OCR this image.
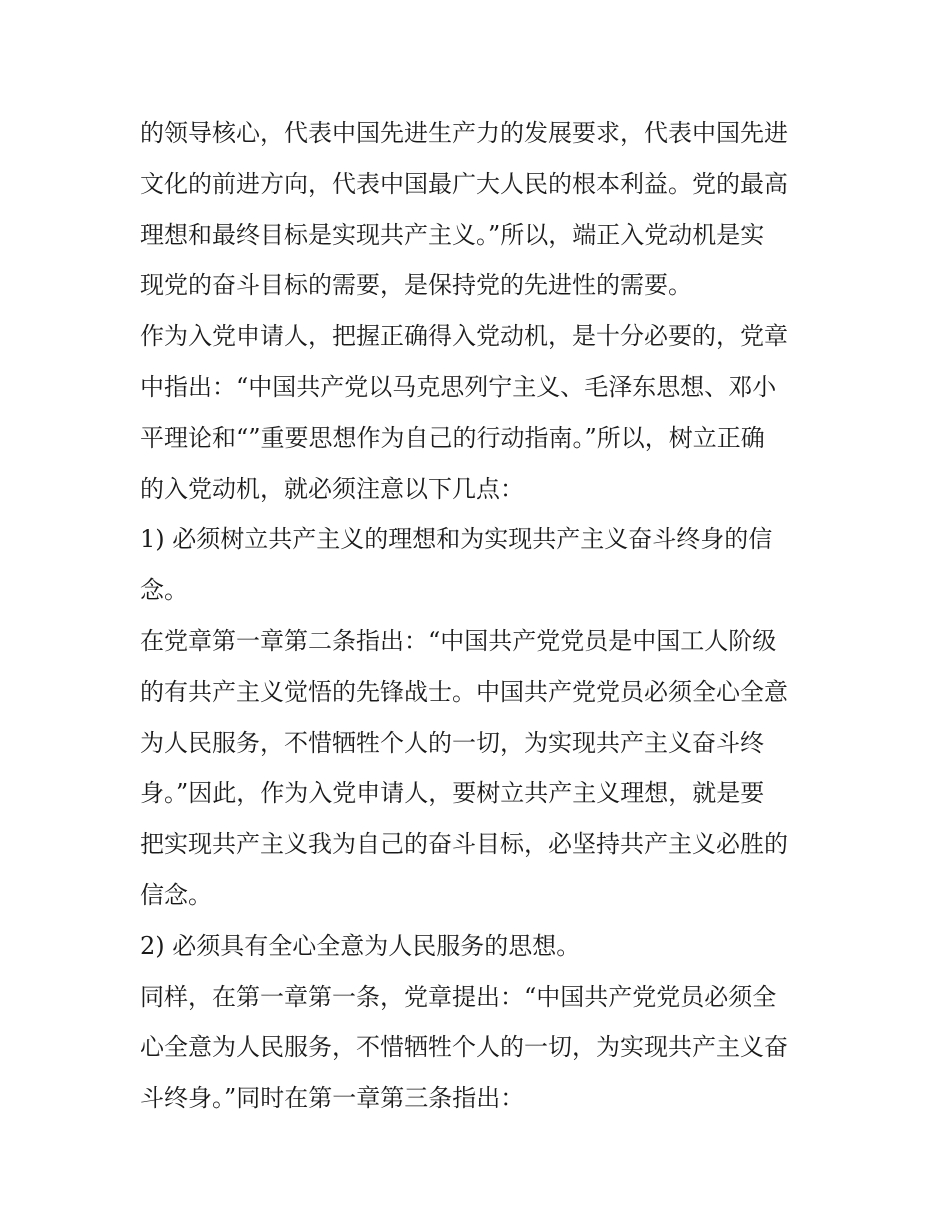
的领导核心，代表中国先进生产力的发展要求，代表中国先进
文化的前进方向，代表中国最广大人民的根本利益。党的最高
理想和最终目标是实现共产主义。”所以，端正入党动机是实
现党的奋斗目标的需要，是保持党的先进性的需要。
作为入党申请人，把握正确得入党动机，是十分必要的，党章
中指出：“中国共产党以马克思列宁主义、毛泽东思想、邓小
平理论和“”重要思想作为自己的行动指南。”所以，树立正确
的入党动机，就必须注意以下几点：
1) 必须树立共产主义的理想和为实现共产主义奋斗终身的信
念。
在党章第一章第二条指出：“中国共产党党员是中国工人阶级
的有共产主义觉悟的先锋战士。中国共产党党员必须全心全意
为人民服务，不惜牺牲个人的一切，为实现共产主义奋斗终
身。”因此，作为入党申请人，要树立共产主义理想，就是要
把实现共产主义我为自己的奋斗目标，必坚持共产主义必胜的
信念。
2) 必须具有全心全意为人民服务的思想。
同样，在第一章第一条，党章提出：“中国共产党党员必须全
心全意为人民服务，不惜牺牲个人的一切，为实现共产主义奋
斗终身。”同时在第一章第三条指出：
